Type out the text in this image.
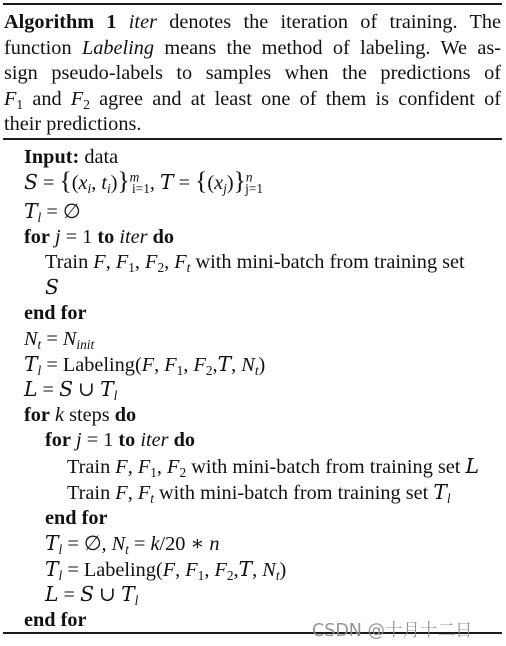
Algorithm 1 iter denotes the iteration of training. The
function Labeling means the method of labeling. We as-
sign pseudo-labels to samples when the predictions of
$F_1$ and $F_2$ agree and at least one of them is confident of
their predictions.
Input: data
$S = \{(x_i$, $t_i)\}^m_{i=1}$, $T = \{(x_j)\}^n_{j=1}$
$T_l$ = ∅
for j = 1 to iter do
Train F, $F_1$, $F_2$, $F_t$ with mini-batch from training set
S
end for
$N_t = N_{init}$
$T_l$ = Labeling(F, $F_1$, $F_2,T$, $N_t$)
L = S ∪ $T_l$
for k steps do
for j = 1 to iter do
Train F, $F_1$, $F_2$ with mini-batch from training set L
Train F, $F_t$ with mini-batch from training set $T_l$
end for
$T_l$ = ∅, $N_t = k/20$ ∗ n
$T_l$ = Labeling(F, $F_1$, $F_2,T$, $N_t$)
L = S ∪ $T_l$
end for	CSDN @十月十二日
